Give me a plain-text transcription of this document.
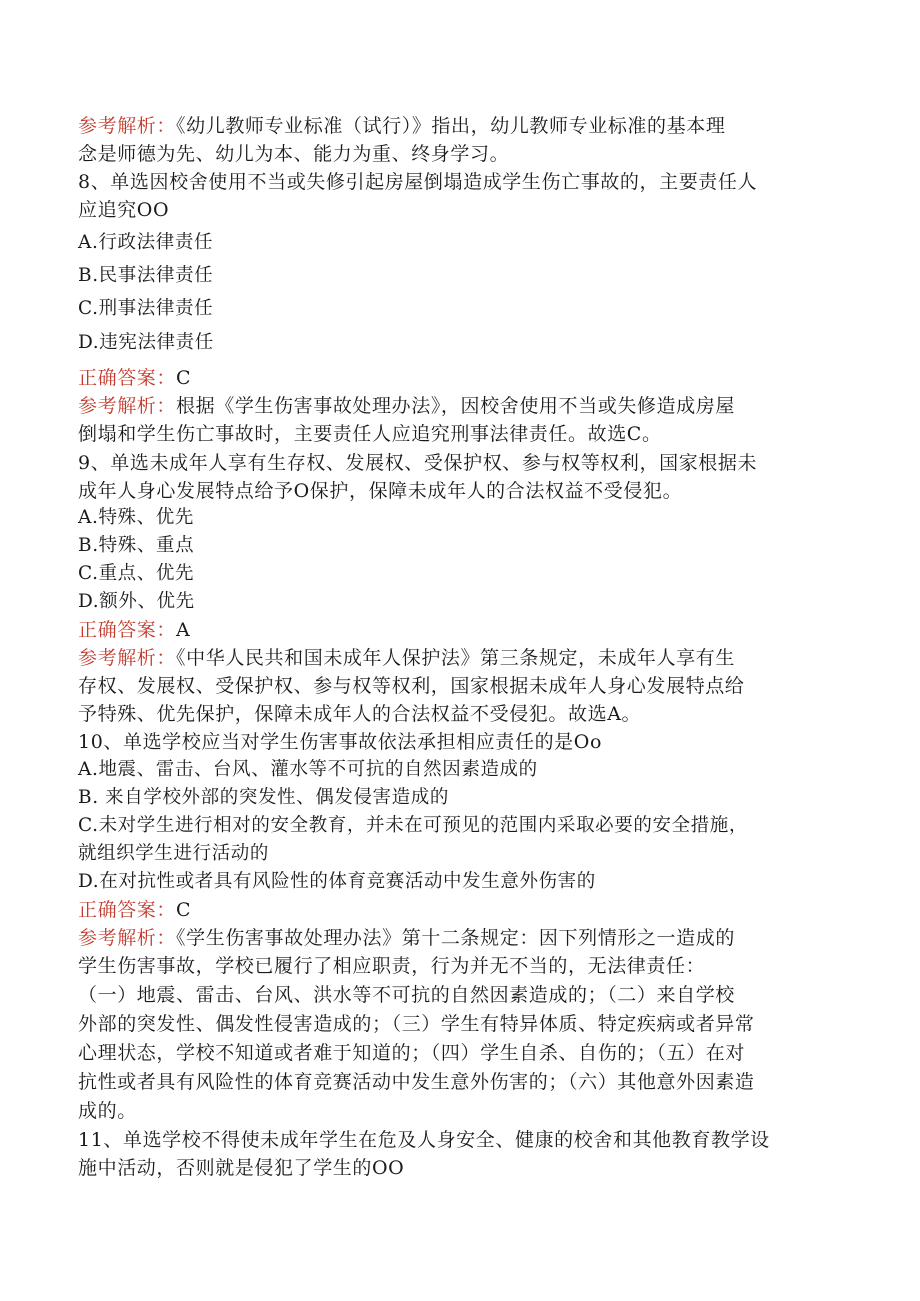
参考解析：《幼儿教师专业标准（试行）》指出，幼儿教师专业标准的基本理
念是师德为先、幼儿为本、能力为重、终身学习。
8、单选因校舍使用不当或失修引起房屋倒塌造成学生伤亡事故的，主要责任人
应追究OO
A.行政法律责任
B.民事法律责任
C.刑事法律责任
D.违宪法律责任
正确答案：C
参考解析：根据《学生伤害事故处理办法》，因校舍使用不当或失修造成房屋
倒塌和学生伤亡事故时，主要责任人应追究刑事法律责任。故选C。
9、单选未成年人享有生存权、发展权、受保护权、参与权等权利，国家根据未
成年人身心发展特点给予O保护，保障未成年人的合法权益不受侵犯。
A.特殊、优先
B.特殊、重点
C.重点、优先
D.额外、优先
正确答案：A
参考解析：《中华人民共和国未成年人保护法》第三条规定，未成年人享有生
存权、发展权、受保护权、参与权等权利，国家根据未成年人身心发展特点给
予特殊、优先保护，保障未成年人的合法权益不受侵犯。故选A。
10、单选学校应当对学生伤害事故依法承担相应责任的是Oo
A.地震、雷击、台风、灌水等不可抗的自然因素造成的
B. 来自学校外部的突发性、偶发侵害造成的
C.未对学生进行相对的安全教育，并未在可预见的范围内采取必要的安全措施，
就组织学生进行活动的
D.在对抗性或者具有风险性的体育竞赛活动中发生意外伤害的
正确答案：C
参考解析：《学生伤害事故处理办法》第十二条规定：因下列情形之一造成的
学生伤害事故，学校已履行了相应职责，行为并无不当的，无法律责任：
（一）地震、雷击、台风、洪水等不可抗的自然因素造成的；（二）来自学校
外部的突发性、偶发性侵害造成的；（三）学生有特异体质、特定疾病或者异常
心理状态，学校不知道或者难于知道的；（四）学生自杀、自伤的；（五）在对
抗性或者具有风险性的体育竞赛活动中发生意外伤害的；（六）其他意外因素造
成的。
11、单选学校不得使未成年学生在危及人身安全、健康的校舍和其他教育教学设
施中活动，否则就是侵犯了学生的OO
